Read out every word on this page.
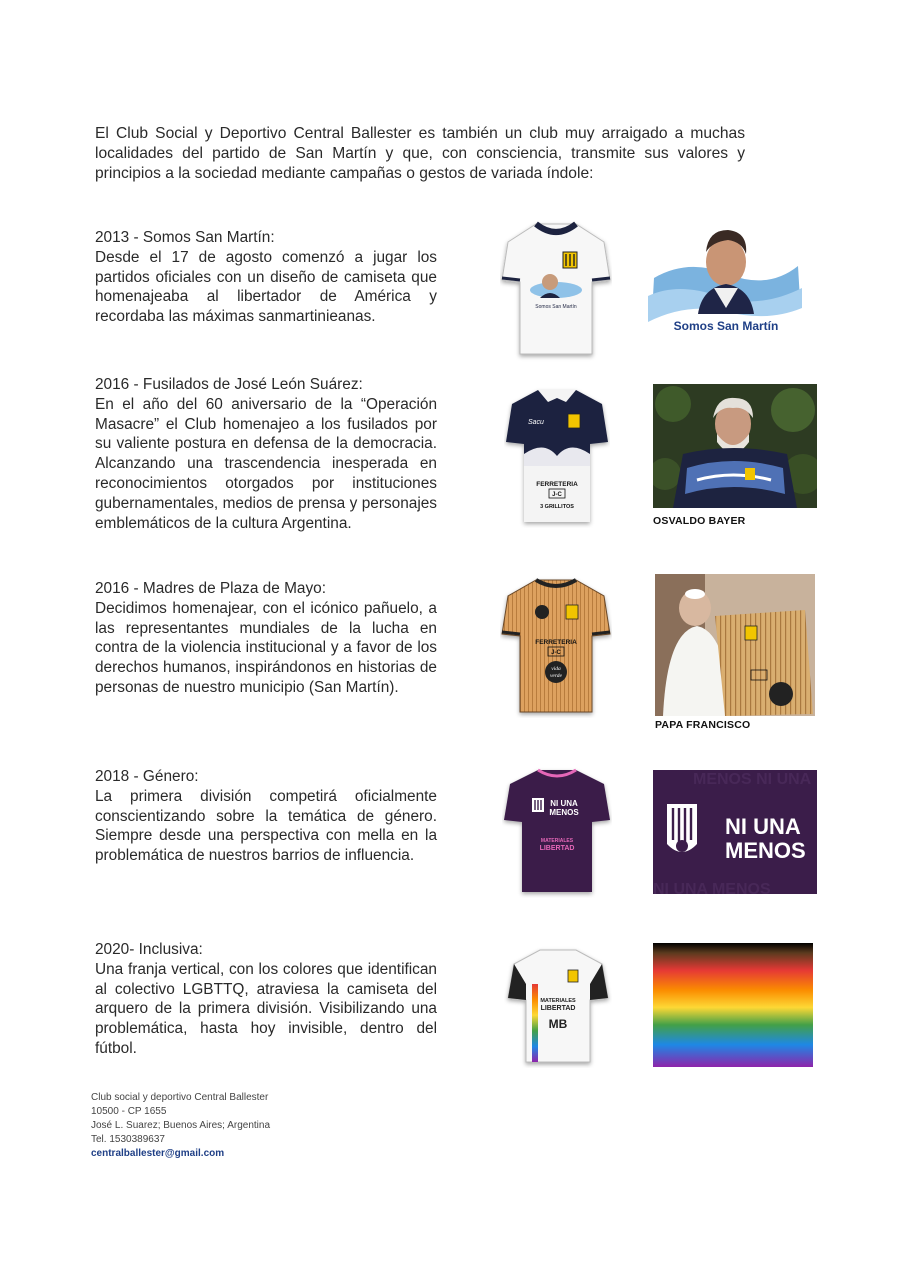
El Club Social y Deportivo Central Ballester es también un club muy arraigado a muchas localidades del partido de San Martín y que, con consciencia, transmite sus valores y principios a la sociedad mediante campañas o gestos de variada índole:
2013 - Somos San Martín:
Desde el 17 de agosto comenzó a jugar los partidos oficiales con un diseño de camiseta que homenajeaba al libertador de América y recordaba las máximas sanmartinieanas.
Somos San Martín
Somos San Martín
2016 - Fusilados de José León Suárez:
En el año del 60 aniversario de la “Operación Masacre” el Club homenajeo a los fusilados por su valiente postura en defensa de la democracia. Alcanzando una trascendencia inesperada en reconocimientos otorgados por instituciones gubernamentales, medios de prensa y personajes emblemáticos de la cultura Argentina.
Sacu
FERRETERIA
J-C
3 GRILLITOS
OSVALDO BAYER
2016 - Madres de Plaza de Mayo:
Decidimos homenajear, con el icónico pañuelo, a las representantes mundiales de la lucha en contra de la violencia institucional y a favor de los derechos humanos, inspirándonos en historias de personas de nuestro municipio (San Martín).
FERRETERIA
J-C
vida
verde
PAPA FRANCISCO
2018 - Género:
La primera división competirá oficialmente conscientizando sobre la temática de género. Siempre desde una perspectiva con mella en la problemática de nuestros barrios de influencia.
NI UNA
MENOS
MATERIALES
LIBERTAD
MENOS NI UNA
NI UNA MENOS
NI UNA
MENOS
2020- Inclusiva:
Una franja vertical, con los colores que identifican al colectivo LGBTTQ, atraviesa la camiseta del arquero de la primera división. Visibilizando una problemática, hasta hoy invisible, dentro del fútbol.
MATERIALES
LIBERTAD
MB
Club social y deportivo Central Ballester
10500 - CP 1655
José L. Suarez; Buenos Aires; Argentina
Tel. 1530389637
centralballester@gmail.com
